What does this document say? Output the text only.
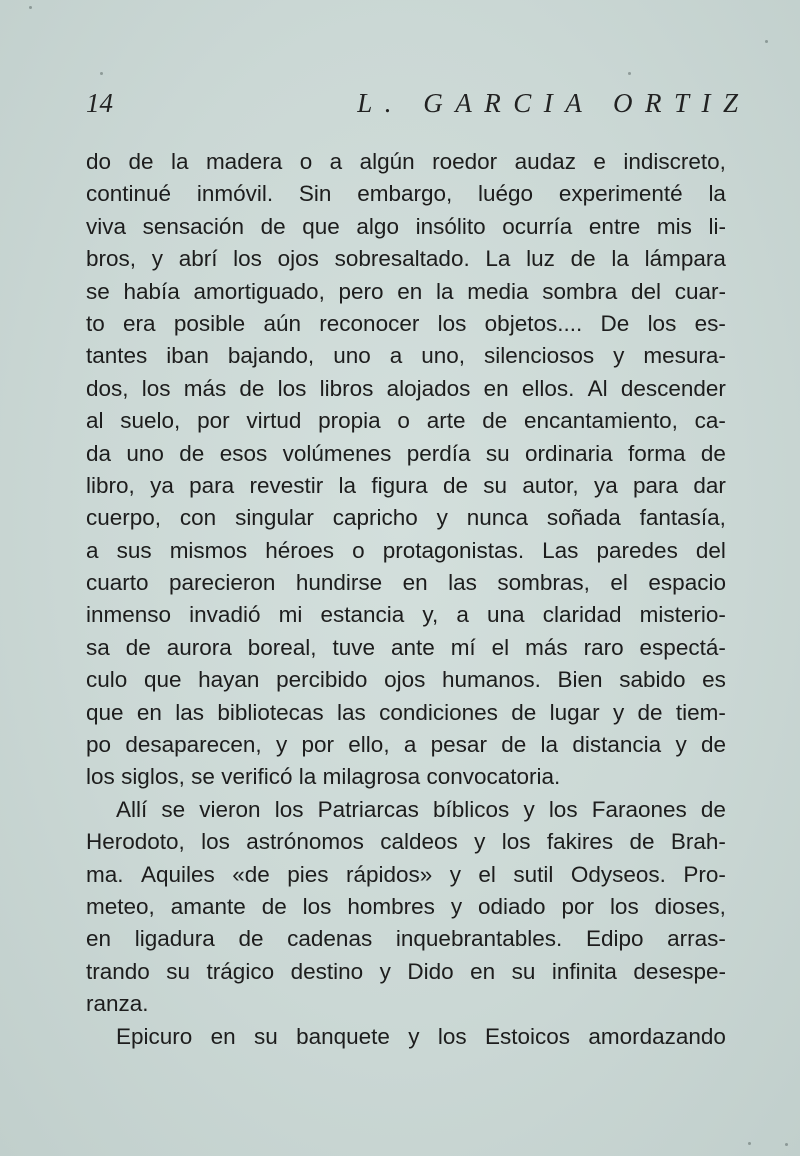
14	L. GARCIA ORTIZ
do de la madera o a algún roedor audaz e indiscreto,
continué inmóvil. Sin embargo, luégo experimenté la
viva sensación de que algo insólito ocurría entre mis li-
bros, y abrí los ojos sobresaltado. La luz de la lámpara
se había amortiguado, pero en la media sombra del cuar-
to era posible aún reconocer los objetos.... De los es-
tantes iban bajando, uno a uno, silenciosos y mesura-
dos, los más de los libros alojados en ellos. Al descender
al suelo, por virtud propia o arte de encantamiento, ca-
da uno de esos volúmenes perdía su ordinaria forma de
libro, ya para revestir la figura de su autor, ya para dar
cuerpo, con singular capricho y nunca soñada fantasía,
a sus mismos héroes o protagonistas. Las paredes del
cuarto parecieron hundirse en las sombras, el espacio
inmenso invadió mi estancia y, a una claridad misterio-
sa de aurora boreal, tuve ante mí el más raro espectá-
culo que hayan percibido ojos humanos. Bien sabido es
que en las bibliotecas las condiciones de lugar y de tiem-
po desaparecen, y por ello, a pesar de la distancia y de
los siglos, se verificó la milagrosa convocatoria.
Allí se vieron los Patriarcas bíblicos y los Faraones de
Herodoto, los astrónomos caldeos y los fakires de Brah-
ma. Aquiles «de pies rápidos» y el sutil Odyseos. Pro-
meteo, amante de los hombres y odiado por los dioses,
en ligadura de cadenas inquebrantables. Edipo arras-
trando su trágico destino y Dido en su infinita desespe-
ranza.
Epicuro en su banquete y los Estoicos amordazando
